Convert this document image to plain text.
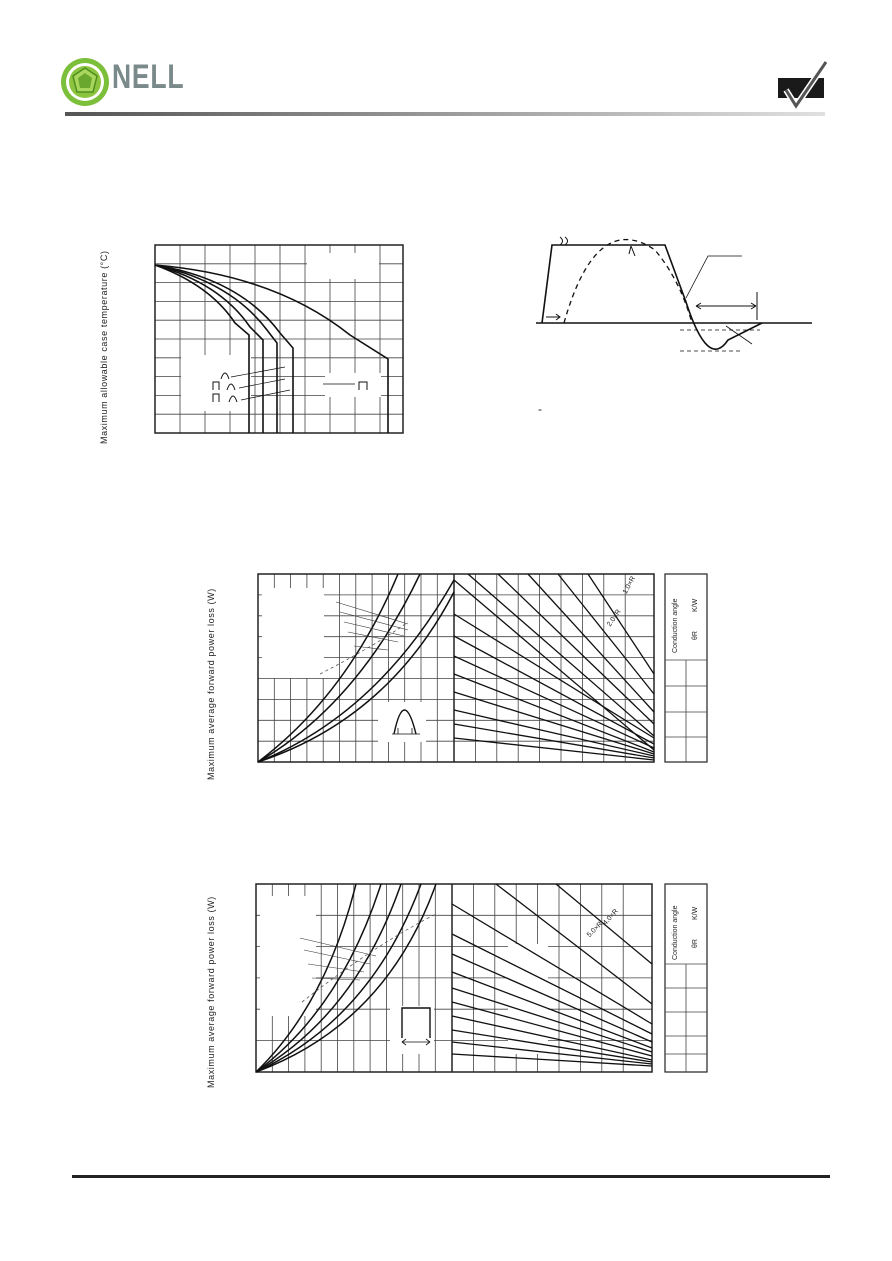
NELL
Maximum allowable case temperature (°C)	-
Maximum average forward power loss (W)
1.0×R
2.0×R	Conduction angle θR
K/W
Maximum average forward power loss (W)	4.0×R
5.0×R	Conduction angle θR
K/W
